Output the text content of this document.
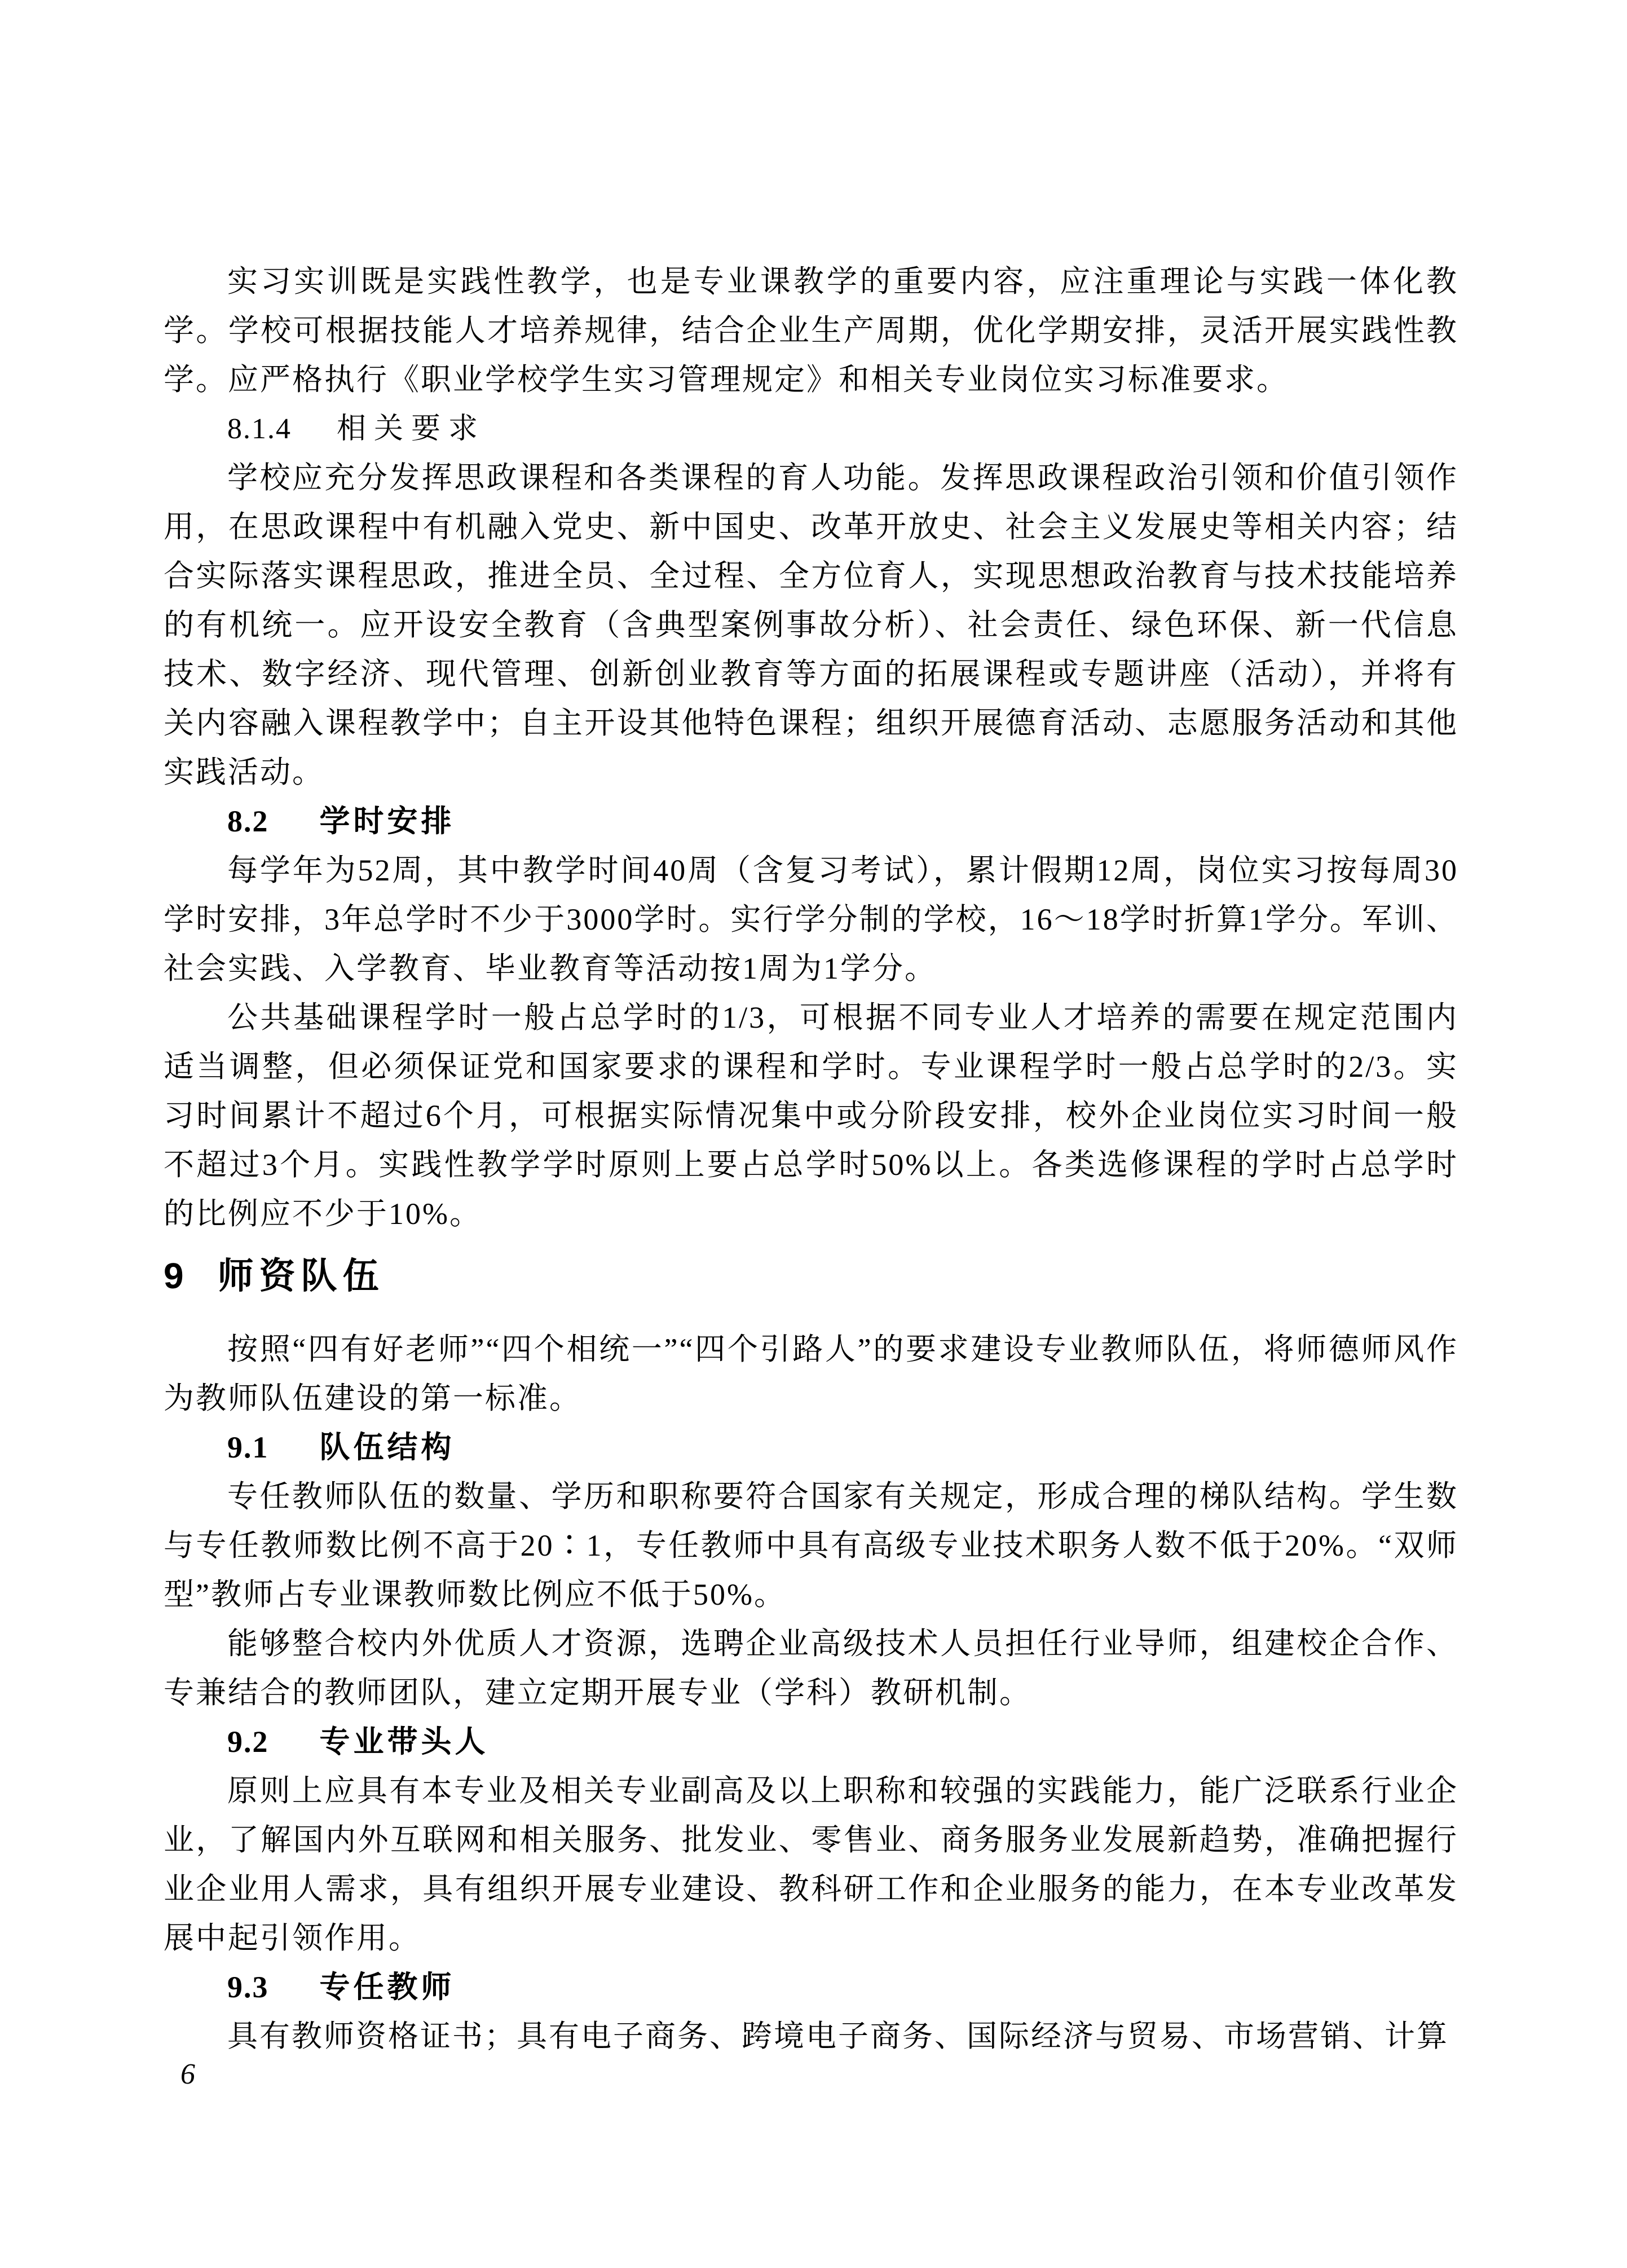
实习实训既是实践性教学，也是专业课教学的重要内容，应注重理论与实践一体化教学。学校可根据技能人才培养规律，结合企业生产周期，优化学期安排，灵活开展实践性教学。应严格执行《职业学校学生实习管理规定》和相关专业岗位实习标准要求。

8.1.4 相关要求

学校应充分发挥思政课程和各类课程的育人功能。发挥思政课程政治引领和价值引领作用，在思政课程中有机融入党史、新中国史、改革开放史、社会主义发展史等相关内容；结合实际落实课程思政，推进全员、全过程、全方位育人，实现思想政治教育与技术技能培养的有机统一。应开设安全教育（含典型案例事故分析）、社会责任、绿色环保、新一代信息技术、数字经济、现代管理、创新创业教育等方面的拓展课程或专题讲座（活动），并将有关内容融入课程教学中；自主开设其他特色课程；组织开展德育活动、志愿服务活动和其他实践活动。

8.2 学时安排

每学年为52周，其中教学时间40周（含复习考试），累计假期12周，岗位实习按每周30学时安排，3年总学时不少于3000学时。实行学分制的学校，16～18学时折算1学分。军训、社会实践、入学教育、毕业教育等活动按1周为1学分。

公共基础课程学时一般占总学时的1/3，可根据不同专业人才培养的需要在规定范围内适当调整，但必须保证党和国家要求的课程和学时。专业课程学时一般占总学时的2/3。实习时间累计不超过6个月，可根据实际情况集中或分阶段安排，校外企业岗位实习时间一般不超过3个月。实践性教学学时原则上要占总学时50%以上。各类选修课程的学时占总学时的比例应不少于10%。

9 师资队伍

按照“四有好老师”“四个相统一”“四个引路人”的要求建设专业教师队伍，将师德师风作为教师队伍建设的第一标准。

9.1 队伍结构

专任教师队伍的数量、学历和职称要符合国家有关规定，形成合理的梯队结构。学生数与专任教师数比例不高于20∶1，专任教师中具有高级专业技术职务人数不低于20%。“双师型”教师占专业课教师数比例应不低于50%。

能够整合校内外优质人才资源，选聘企业高级技术人员担任行业导师，组建校企合作、专兼结合的教师团队，建立定期开展专业（学科）教研机制。

9.2 专业带头人

原则上应具有本专业及相关专业副高及以上职称和较强的实践能力，能广泛联系行业企业，了解国内外互联网和相关服务、批发业、零售业、商务服务业发展新趋势，准确把握行业企业用人需求，具有组织开展专业建设、教科研工作和企业服务的能力，在本专业改革发展中起引领作用。

9.3 专任教师

具有教师资格证书；具有电子商务、跨境电子商务、国际经济与贸易、市场营销、计算

6
